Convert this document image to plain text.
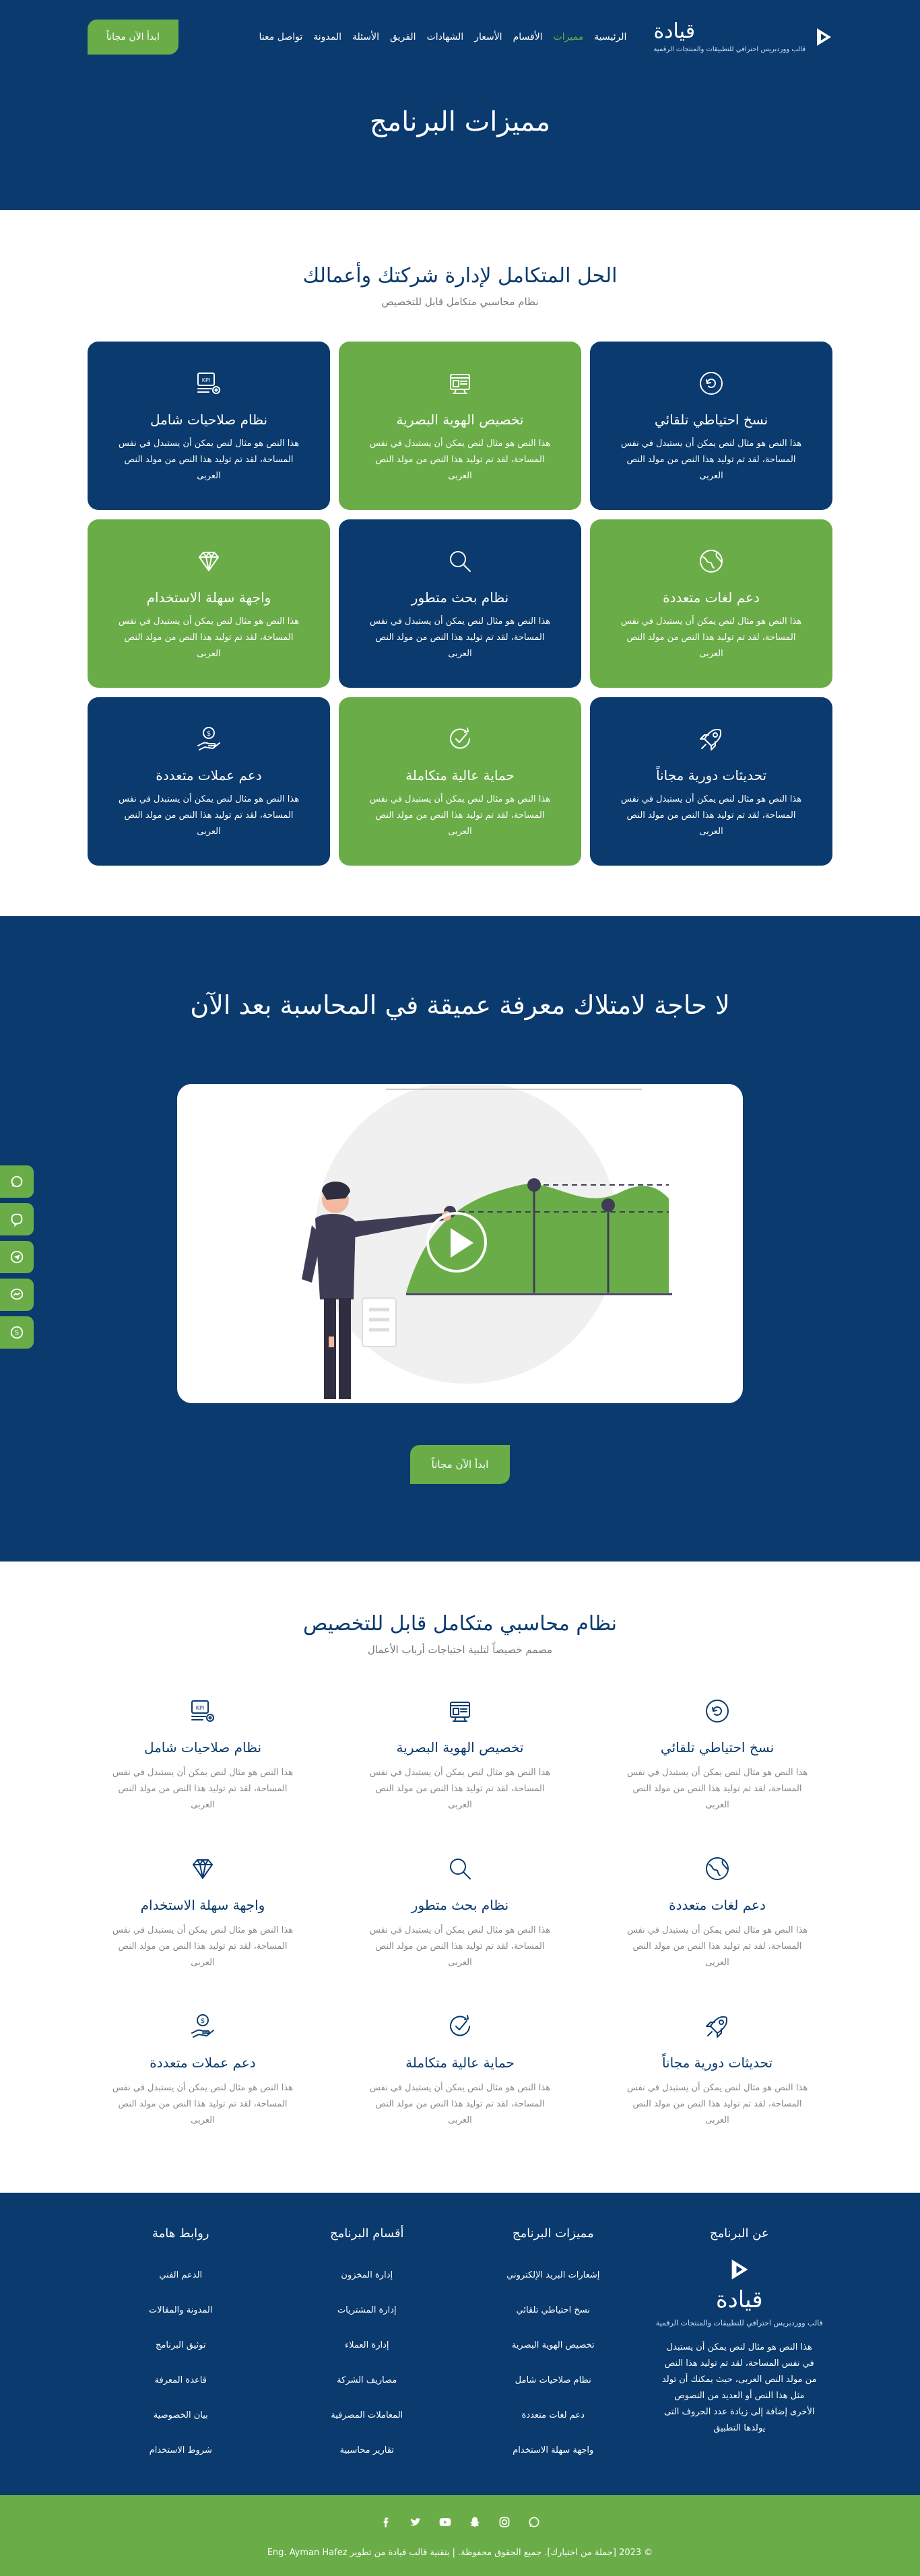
قيادة
قالب ووردبريس احترافي للتطبيقات والمنتجات الرقمية
الرئيسية
مميزات
الأقسام
الأسعار
الشهادات
الفريق
الأسئلة
المدونة
تواصل معنا
ابدأ الآن مجاناً
مميزات البرنامج
الحل المتكامل لإدارة شركتك وأعمالك

نظام محاسبي متكامل قابل للتخصيص

نسخ احتياطي تلقائي

هذا النص هو مثال لنص يمكن أن يستبدل في نفس المساحة، لقد تم توليد هذا النص من مولد النص العربى

تخصيص الهوية البصرية

هذا النص هو مثال لنص يمكن أن يستبدل في نفس المساحة، لقد تم توليد هذا النص من مولد النص العربى

KPI
نظام صلاحيات شامل

هذا النص هو مثال لنص يمكن أن يستبدل في نفس المساحة، لقد تم توليد هذا النص من مولد النص العربى

دعم لغات متعددة

هذا النص هو مثال لنص يمكن أن يستبدل في نفس المساحة، لقد تم توليد هذا النص من مولد النص العربى

نظام بحث متطور

هذا النص هو مثال لنص يمكن أن يستبدل في نفس المساحة، لقد تم توليد هذا النص من مولد النص العربى

واجهة سهلة الاستخدام

هذا النص هو مثال لنص يمكن أن يستبدل في نفس المساحة، لقد تم توليد هذا النص من مولد النص العربى

تحديثات دورية مجاناً

هذا النص هو مثال لنص يمكن أن يستبدل في نفس المساحة، لقد تم توليد هذا النص من مولد النص العربى

حماية عالية متكاملة

هذا النص هو مثال لنص يمكن أن يستبدل في نفس المساحة، لقد تم توليد هذا النص من مولد النص العربى

$
دعم عملات متعددة

هذا النص هو مثال لنص يمكن أن يستبدل في نفس المساحة، لقد تم توليد هذا النص من مولد النص العربى

لا حاجة لامتلاك معرفة عميقة في المحاسبة بعد الآن
ابدأ الآن مجاناً
نظام محاسبي متكامل قابل للتخصيص

مصمم خصيصاً لتلبية احتياجات أرباب الأعمال

نسخ احتياطي تلقائي

هذا النص هو مثال لنص يمكن أن يستبدل في نفس المساحة، لقد تم توليد هذا النص من مولد النص العربى

تخصيص الهوية البصرية

هذا النص هو مثال لنص يمكن أن يستبدل في نفس المساحة، لقد تم توليد هذا النص من مولد النص العربى

KPI
نظام صلاحيات شامل

هذا النص هو مثال لنص يمكن أن يستبدل في نفس المساحة، لقد تم توليد هذا النص من مولد النص العربى

دعم لغات متعددة

هذا النص هو مثال لنص يمكن أن يستبدل في نفس المساحة، لقد تم توليد هذا النص من مولد النص العربى

نظام بحث متطور

هذا النص هو مثال لنص يمكن أن يستبدل في نفس المساحة، لقد تم توليد هذا النص من مولد النص العربى

واجهة سهلة الاستخدام

هذا النص هو مثال لنص يمكن أن يستبدل في نفس المساحة، لقد تم توليد هذا النص من مولد النص العربى

تحديثات دورية مجاناً

هذا النص هو مثال لنص يمكن أن يستبدل في نفس المساحة، لقد تم توليد هذا النص من مولد النص العربى

حماية عالية متكاملة

هذا النص هو مثال لنص يمكن أن يستبدل في نفس المساحة، لقد تم توليد هذا النص من مولد النص العربى

$
دعم عملات متعددة

هذا النص هو مثال لنص يمكن أن يستبدل في نفس المساحة، لقد تم توليد هذا النص من مولد النص العربى

عن البرنامج
قيادة
قالب ووردبريس احترافي للتطبيقات والمنتجات الرقمية

هذا النص هو مثال لنص يمكن أن يستبدل في نفس المساحة، لقد تم توليد هذا النص من مولد النص العربى، حيث يمكنك أن تولد مثل هذا النص أو العديد من النصوص الأخرى إضافة إلى زيادة عدد الحروف التى يولدها التطبيق

مميزات البرنامج
إشعارات البريد الإلكتروني
نسخ احتياطي تلقائي
تخصيص الهوية البصرية
نظام صلاحيات شامل
دعم لغات متعددة
واجهة سهلة الاستخدام
أقسام البرنامج
إدارة المخزون
إدارة المشتريات
إدارة العملاء
مصاريف الشركة
المعاملات المصرفية
تقارير محاسبية
روابط هامة
الدعم الفني
المدونة والمقالات
توثيق البرنامج
قاعدة المعرفة
بيان الخصوصية
شروط الاستخدام
© 2023 [جملة من اختيارك]. جميع الحقوق محفوظة. | بتقنية قالب قيادة من تطوير Eng. Ayman Hafez
S
